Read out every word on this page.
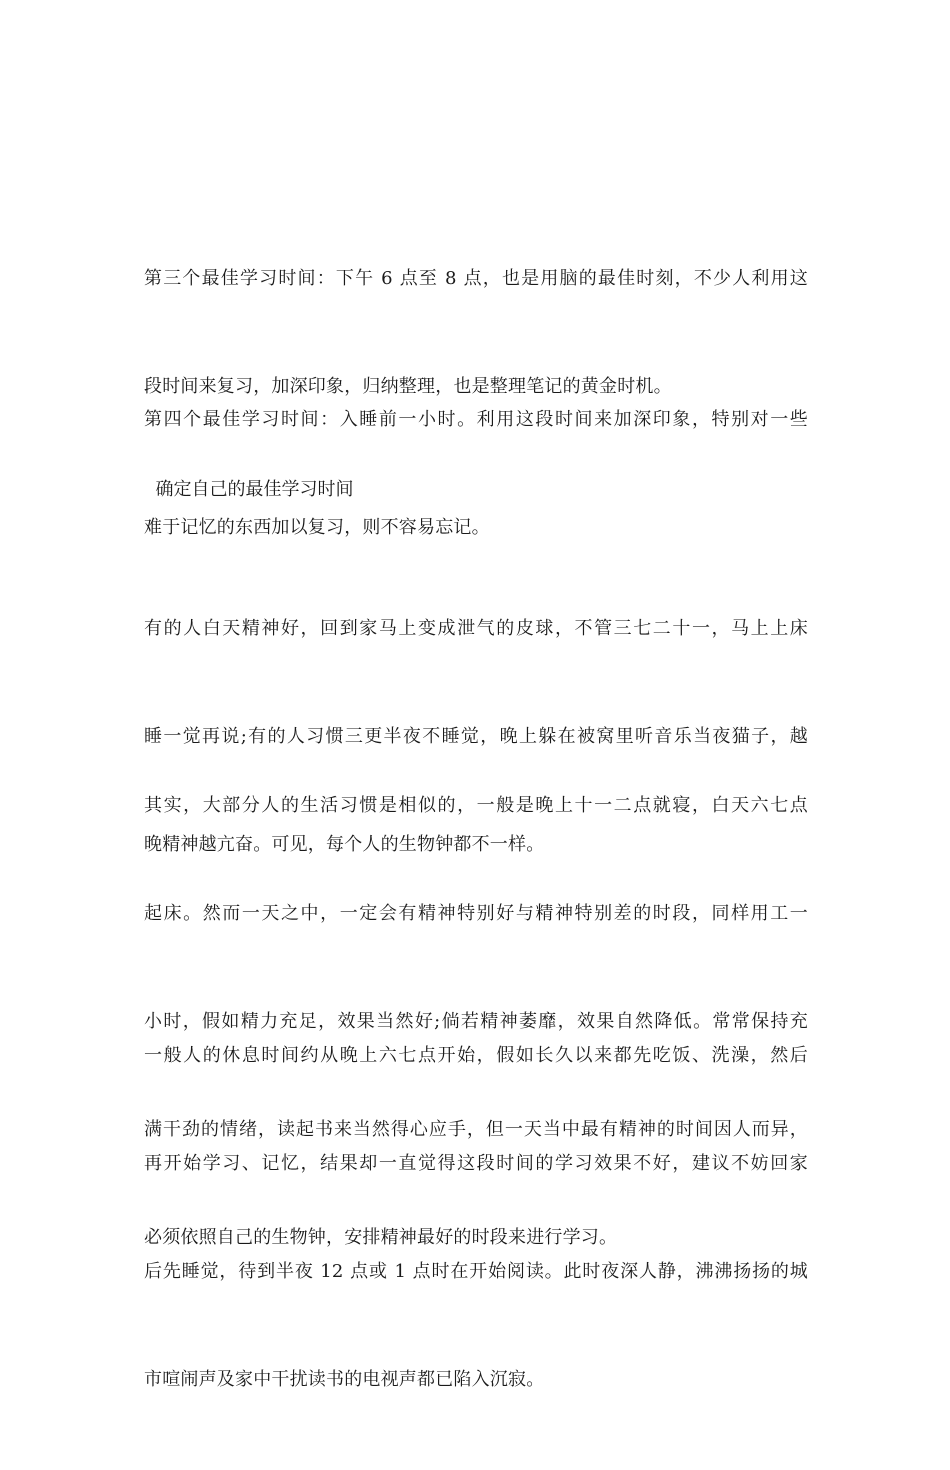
第三个最佳学习时间：下午 6 点至 8 点，也是用脑的最佳时刻，不少人利用这

段时间来复习，加深印象，归纳整理，也是整理笔记的黄金时机。

第四个最佳学习时间：入睡前一小时。利用这段时间来加深印象，特别对一些

难于记忆的东西加以复习，则不容易忘记。

确定自己的最佳学习时间

有的人白天精神好，回到家马上变成泄气的皮球，不管三七二十一，马上上床

睡一觉再说;有的人习惯三更半夜不睡觉，晚上躲在被窝里听音乐当夜猫子，越

晚精神越亢奋。可见，每个人的生物钟都不一样。

其实，大部分人的生活习惯是相似的，一般是晚上十一二点就寝，白天六七点

起床。然而一天之中，一定会有精神特别好与精神特别差的时段，同样用工一

小时，假如精力充足，效果当然好;倘若精神萎靡，效果自然降低。常常保持充

满干劲的情绪，读起书来当然得心应手，但一天当中最有精神的时间因人而异，

必须依照自己的生物钟，安排精神最好的时段来进行学习。

一般人的休息时间约从晚上六七点开始，假如长久以来都先吃饭、洗澡，然后

再开始学习、记忆，结果却一直觉得这段时间的学习效果不好，建议不妨回家

后先睡觉，待到半夜 12 点或 1 点时在开始阅读。此时夜深人静，沸沸扬扬的城

市喧闹声及家中干扰读书的电视声都已陷入沉寂。
